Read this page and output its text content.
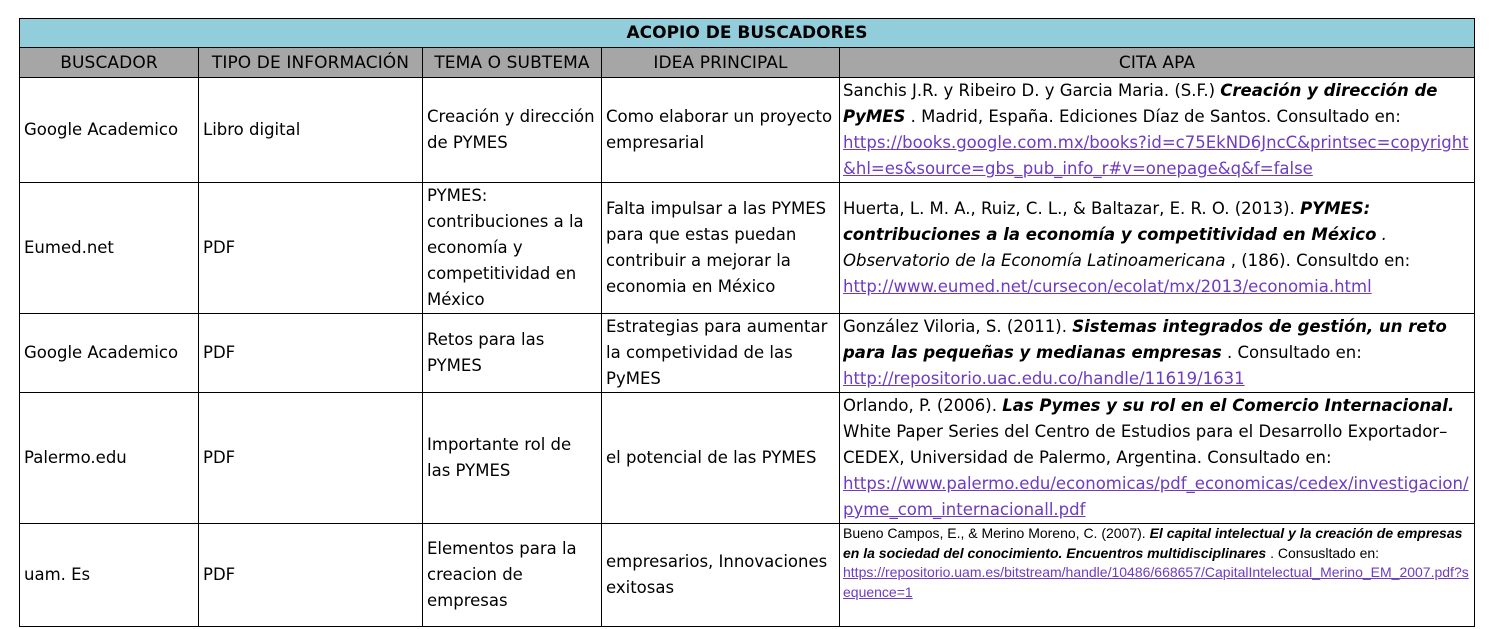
ACOPIO DE BUSCADORES				
BUSCADOR	TIPO DE INFORMACIÓN	TEMA O SUBTEMA	IDEA PRINCIPAL	CITA APA
Google Academico	Libro digital	Creación y dirección de PYMES	Como elaborar un proyecto empresarial	Sanchis J.R. y Ribeiro D. y Garcia Maria. (S.F.) Creación y dirección de PyMES . Madrid, España. Ediciones Díaz de Santos. Consultado en:
https://books.google.com.mx/books?id=c75EkND6JncC&printsec=copyright&hl=es&source=gbs_pub_info_r#v=onepage&q&f=false
Eumed.net	PDF	PYMES: contribuciones a la economía y competitividad en México	Falta impulsar a las PYMES para que estas puedan contribuir a mejorar la economia en México	Huerta, L. M. A., Ruiz, C. L., & Baltazar, E. R. O. (2013). PYMES: contribuciones a la economía y competitividad en México . Observatorio de la Economía Latinoamericana , (186). Consultdo en:
http://www.eumed.net/cursecon/ecolat/mx/2013/economia.html
Google Academico	PDF	Retos para las PYMES	Estrategias para aumentar la competividad de las PyMES	González Viloria, S. (2011). Sistemas integrados de gestión, un reto para las pequeñas y medianas empresas . Consultado en:
http://repositorio.uac.edu.co/handle/11619/1631
Palermo.edu	PDF	Importante rol de las PYMES	el potencial de las PYMES	Orlando, P. (2006). Las Pymes y su rol en el Comercio Internacional. White Paper Series del Centro de Estudios para el Desarrollo Exportador–CEDEX, Universidad de Palermo, Argentina. Consultado en:
https://www.palermo.edu/economicas/pdf_economicas/cedex/investigacion/pyme_com_internacionall.pdf
uam. Es	PDF	Elementos para la creacion de empresas	empresarios, Innovaciones exitosas	Bueno Campos, E., & Merino Moreno, C. (2007). El capital intelectual y la creación de empresas en la sociedad del conocimiento. Encuentros multidisciplinares . Consusltado en:
https://repositorio.uam.es/bitstream/handle/10486/668657/CapitalIntelectual_Merino_EM_2007.pdf?sequence=1
